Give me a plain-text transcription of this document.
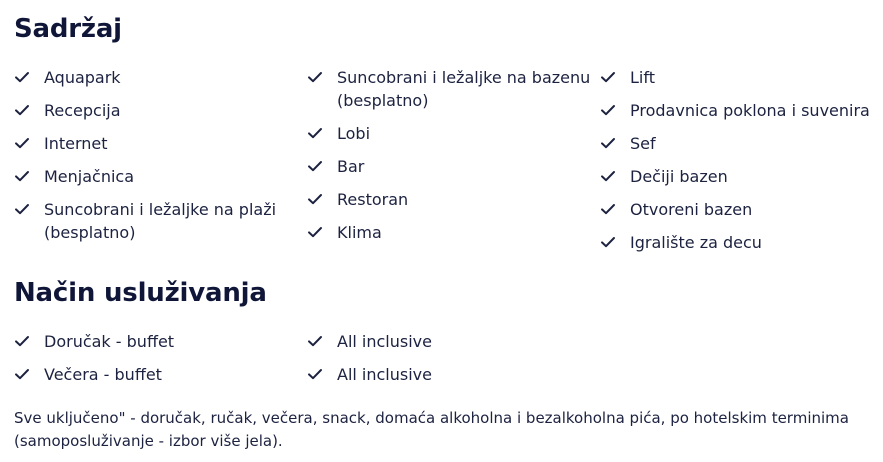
Sadržaj
Aquapark
Recepcija
Internet
Menjačnica
Suncobrani i ležaljke na plaži (besplatno)
Suncobrani i ležaljke na bazenu (besplatno)
Lobi
Bar
Restoran
Klima
Lift
Prodavnica poklona i suvenira
Sef
Dečiji bazen
Otvoreni bazen
Igralište za decu
Način usluživanja
Doručak - buffet
Večera - buffet
All inclusive
All inclusive

Sve uključeno" - doručak, ručak, večera, snack, domaća alkoholna i bezalkoholna pića, po hotelskim terminima (samoposluživanje - izbor više jela).
